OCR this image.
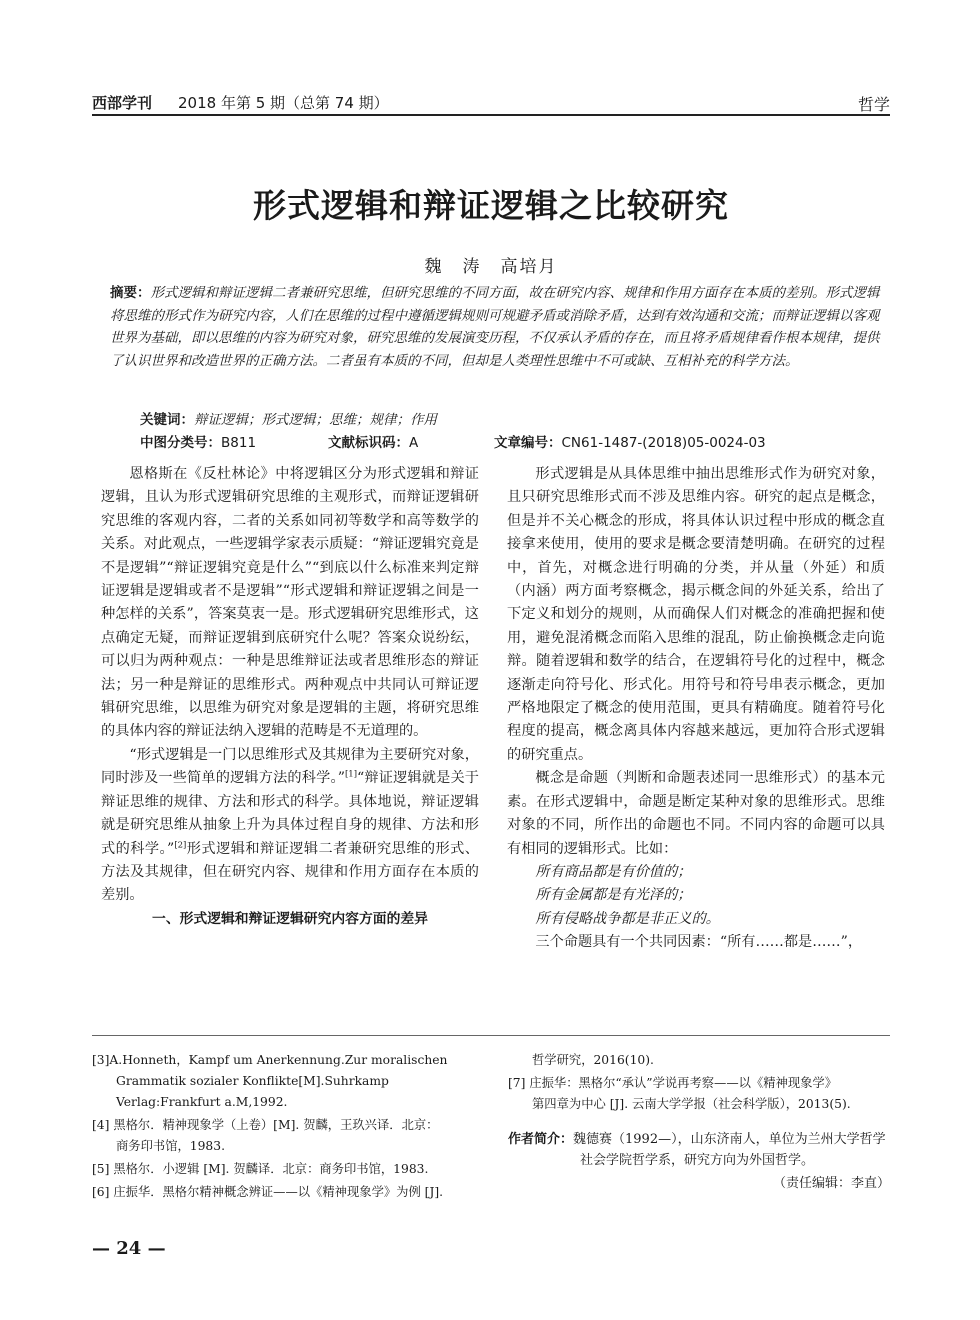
西部学刊 2018 年第 5 期（总第 74 期）	哲学
形式逻辑和辩证逻辑之比较研究
魏　涛　高培月
摘要：形式逻辑和辩证逻辑二者兼研究思维，但研究思维的不同方面，故在研究内容、规律和作用方面存在本质的差别。形式逻辑将思维的形式作为研究内容，人们在思维的过程中遵循逻辑规则可规避矛盾或消除矛盾，达到有效沟通和交流；而辩证逻辑以客观世界为基础，即以思维的内容为研究对象，研究思维的发展演变历程，不仅承认矛盾的存在，而且将矛盾规律看作根本规律，提供了认识世界和改造世界的正确方法。二者虽有本质的不同，但却是人类理性思维中不可或缺、互相补充的科学方法。
关键词：辩证逻辑；形式逻辑；思维；规律；作用
中图分类号：B811	文献标识码：A	文章编号：CN61-1487-(2018)05-0024-03

恩格斯在《反杜林论》中将逻辑区分为形式逻辑和辩证逻辑，且认为形式逻辑研究思维的主观形式，而辩证逻辑研究思维的客观内容，二者的关系如同初等数学和高等数学的关系。对此观点，一些逻辑学家表示质疑：“辩证逻辑究竟是不是逻辑”“辩证逻辑究竟是什么”“到底以什么标准来判定辩证逻辑是逻辑或者不是逻辑”“形式逻辑和辩证逻辑之间是一种怎样的关系”，答案莫衷一是。形式逻辑研究思维形式，这点确定无疑，而辩证逻辑到底研究什么呢？答案众说纷纭，可以归为两种观点：一种是思维辩证法或者思维形态的辩证法；另一种是辩证的思维形式。两种观点中共同认可辩证逻辑研究思维，以思维为研究对象是逻辑的主题，将研究思维的具体内容的辩证法纳入逻辑的范畴是不无道理的。

“形式逻辑是一门以思维形式及其规律为主要研究对象，同时涉及一些简单的逻辑方法的科学。”[1]“辩证逻辑就是关于辩证思维的规律、方法和形式的科学。具体地说，辩证逻辑就是研究思维从抽象上升为具体过程自身的规律、方法和形式的科学。”[2]形式逻辑和辩证逻辑二者兼研究思维的形式、方法及其规律，但在研究内容、规律和作用方面存在本质的差别。

一、形式逻辑和辩证逻辑研究内容方面的差异

形式逻辑是从具体思维中抽出思维形式作为研究对象，且只研究思维形式而不涉及思维内容。研究的起点是概念，但是并不关心概念的形成，将具体认识过程中形成的概念直接拿来使用，使用的要求是概念要清楚明确。在研究的过程中，首先，对概念进行明确的分类，并从量（外延）和质（内涵）两方面考察概念，揭示概念间的外延关系，给出了下定义和划分的规则，从而确保人们对概念的准确把握和使用，避免混淆概念而陷入思维的混乱，防止偷换概念走向诡辩。随着逻辑和数学的结合，在逻辑符号化的过程中，概念逐渐走向符号化、形式化。用符号和符号串表示概念，更加严格地限定了概念的使用范围，更具有精确度。随着符号化程度的提高，概念离具体内容越来越远，更加符合形式逻辑的研究重点。

概念是命题（判断和命题表述同一思维形式）的基本元素。在形式逻辑中，命题是断定某种对象的思维形式。思维对象的不同，所作出的命题也不同。不同内容的命题可以具有相同的逻辑形式。比如：

所有商品都是有价值的；

所有金属都是有光泽的；

所有侵略战争都是非正义的。

三个命题具有一个共同因素：“所有……都是……”，

[3]A.Honneth，Kampf um Anerkennung.Zur moralischen
Grammatik sozialer Konflikte[M].Suhrkamp Verlag:Frankfurt a.M,1992.

[4] 黑格尔．精神现象学（上卷）[M]. 贺麟，王玖兴译．北京：
商务印书馆，1983.

[5] 黑格尔．小逻辑 [M]. 贺麟译．北京：商务印书馆，1983.

[6] 庄振华．黑格尔精神概念辨证——以《精神现象学》为例 [J].

哲学研究，2016(10).

[7] 庄振华：黑格尔“承认”学说再考察——以《精神现象学》
第四章为中心 [J]. 云南大学学报（社会科学版），2013(5).

作者简介：魏德赛（1992—），山东济南人，单位为兰州大学哲学社会学院哲学系，研究方向为外国哲学。
（责任编辑：李直）
— 24 —
